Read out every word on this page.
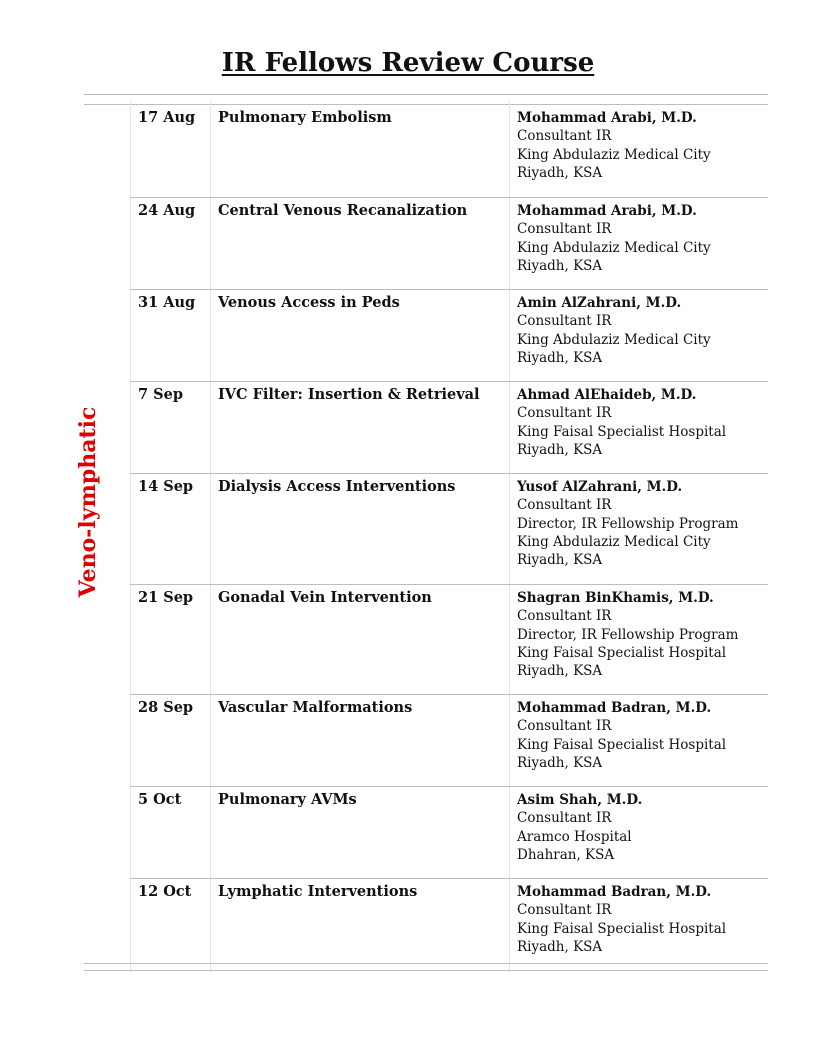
IR Fellows Review Course
Veno-lymphatic
17 Aug Pulmonary Embolism	Mohammad Arabi, M.D.
Consultant IR
King Abdulaziz Medical City
Riyadh, KSA
24 Aug Central Venous Recanalization	Mohammad Arabi, M.D.
Consultant IR
King Abdulaziz Medical City
Riyadh, KSA
31 Aug Venous Access in Peds	Amin AlZahrani, M.D.
Consultant IR
King Abdulaziz Medical City
Riyadh, KSA
7 Sep IVC Filter: Insertion & Retrieval	Ahmad AlEhaideb, M.D.
Consultant IR
King Faisal Specialist Hospital
Riyadh, KSA
14 Sep Dialysis Access Interventions	Yusof AlZahrani, M.D.
Consultant IR
Director, IR Fellowship Program
King Abdulaziz Medical City
Riyadh, KSA
21 Sep Gonadal Vein Intervention	Shagran BinKhamis, M.D.
Consultant IR
Director, IR Fellowship Program
King Faisal Specialist Hospital
Riyadh, KSA
28 Sep Vascular Malformations	Mohammad Badran, M.D.
Consultant IR
King Faisal Specialist Hospital
Riyadh, KSA
5 Oct	Pulmonary AVMs	Asim Shah, M.D.
Consultant IR
Aramco Hospital
Dhahran, KSA
12 Oct Lymphatic Interventions	Mohammad Badran, M.D.
Consultant IR
King Faisal Specialist Hospital
Riyadh, KSA
